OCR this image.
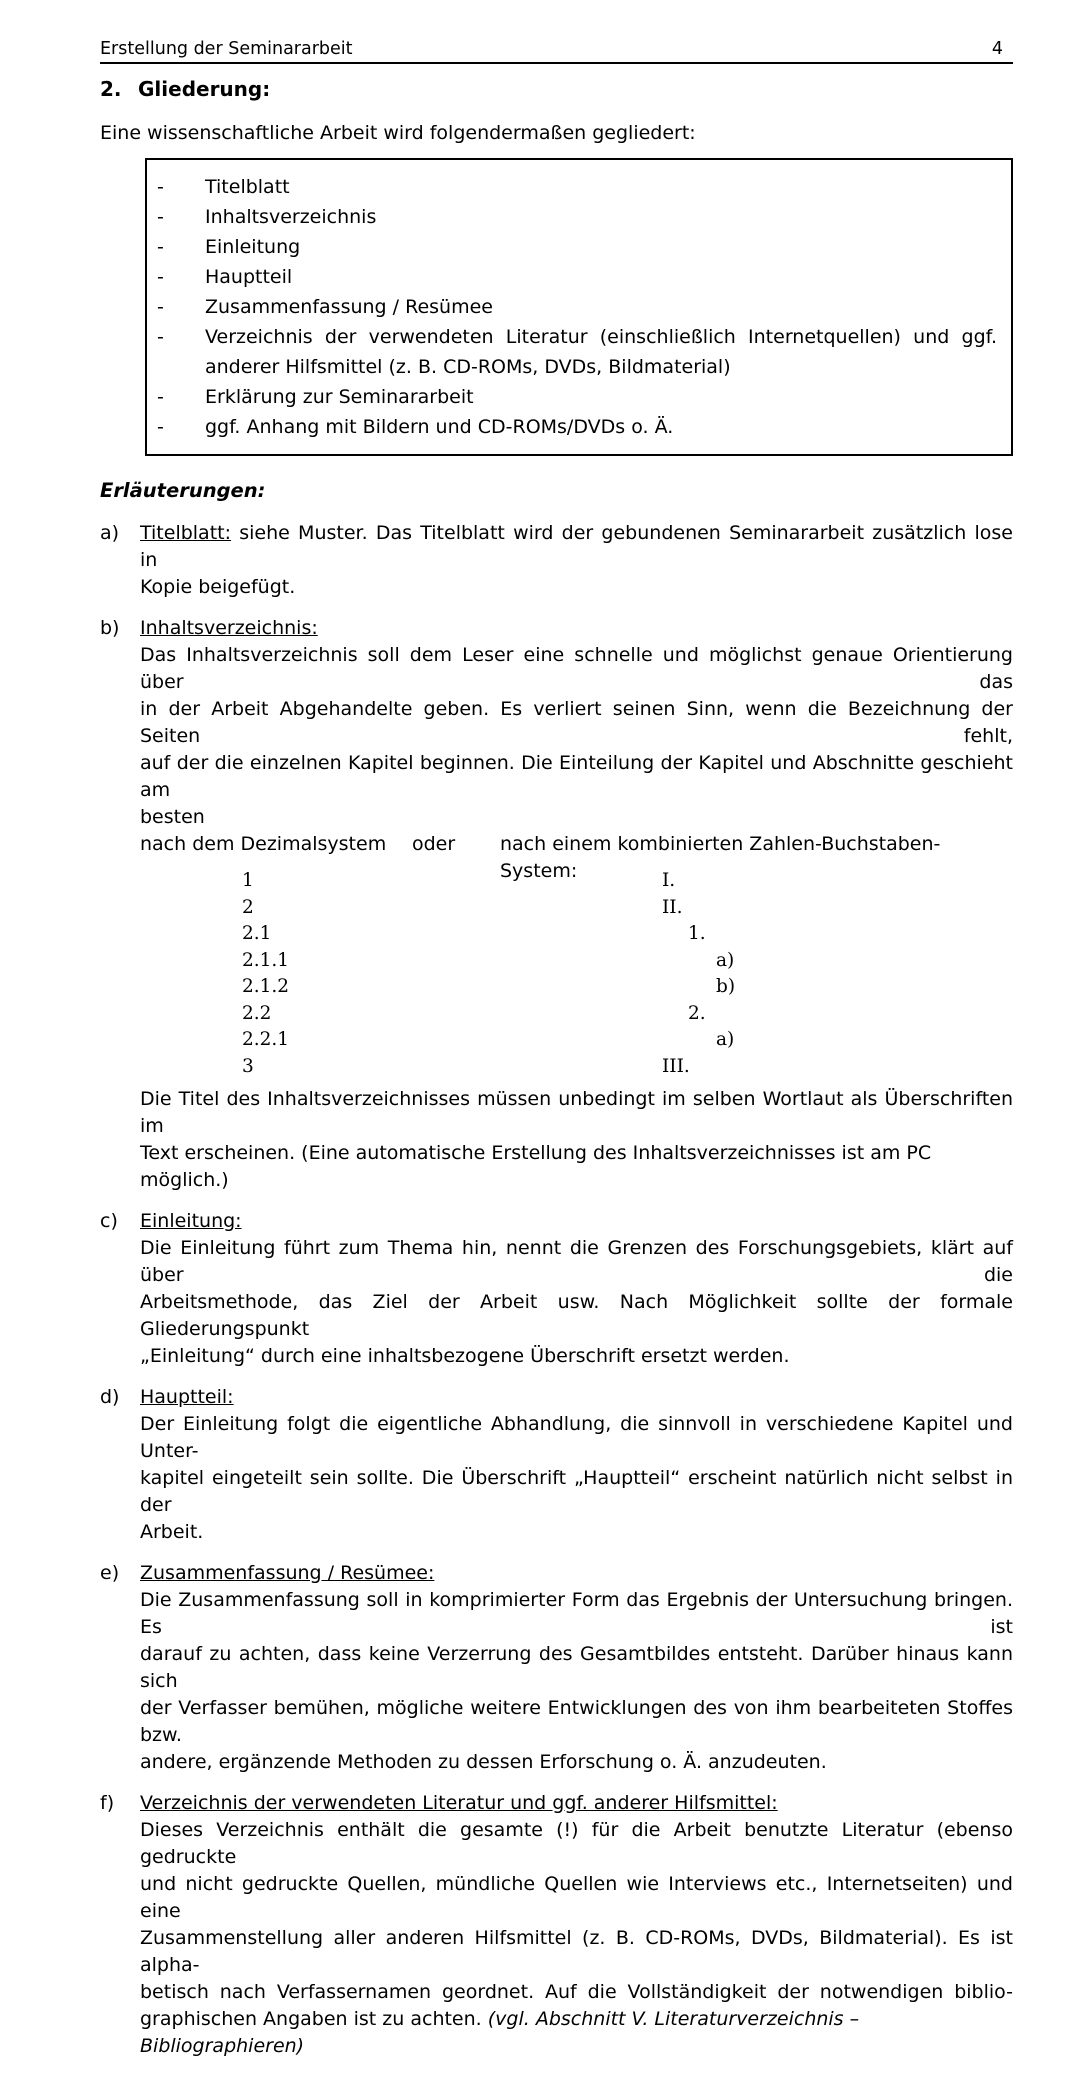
Erstellung der Seminararbeit	4
2. Gliederung:

Eine wissenschaftliche Arbeit wird folgendermaßen gegliedert:

-	Titelblatt
-	Inhaltsverzeichnis
-	Einleitung
-	Hauptteil
-	Zusammenfassung / Resümee
-	Verzeichnis der verwendeten Literatur (einschließlich Internetquellen) und ggf.
anderer Hilfsmittel (z. B. CD-ROMs, DVDs, Bildmaterial)
-	Erklärung zur Seminararbeit
-	ggf. Anhang mit Bildern und CD-ROMs/DVDs o. Ä.
Erläuterungen:
a)	Titelblatt: siehe Muster. Das Titelblatt wird der gebundenen Seminararbeit zusätzlich lose in
Kopie beigefügt.

b)	Inhaltsverzeichnis:

Das Inhaltsverzeichnis soll dem Leser eine schnelle und möglichst genaue Orientierung über das
in der Arbeit Abgehandelte geben. Es verliert seinen Sinn, wenn die Bezeichnung der Seiten fehlt,
auf der die einzelnen Kapitel beginnen. Die Einteilung der Kapitel und Abschnitte geschieht am
besten

nach dem Dezimalsystem oder nach einem kombinierten Zahlen-Buchstaben-System:
1
2
2.1
2.1.1
2.1.2
2.2
2.2.1
3
I.
II.
1.
a)
b)
2.
a)
III.

Die Titel des Inhaltsverzeichnisses müssen unbedingt im selben Wortlaut als Überschriften im
Text erscheinen. (Eine automatische Erstellung des Inhaltsverzeichnisses ist am PC möglich.)

c)	Einleitung:

Die Einleitung führt zum Thema hin, nennt die Grenzen des Forschungsgebiets, klärt auf über die
Arbeitsmethode, das Ziel der Arbeit usw. Nach Möglichkeit sollte der formale Gliederungspunkt
„Einleitung“ durch eine inhaltsbezogene Überschrift ersetzt werden.

d)	Hauptteil:

Der Einleitung folgt die eigentliche Abhandlung, die sinnvoll in verschiedene Kapitel und Unter-
kapitel eingeteilt sein sollte. Die Überschrift „Hauptteil“ erscheint natürlich nicht selbst in der
Arbeit.

e)	Zusammenfassung / Resümee:

Die Zusammenfassung soll in komprimierter Form das Ergebnis der Untersuchung bringen. Es ist
darauf zu achten, dass keine Verzerrung des Gesamtbildes entsteht. Darüber hinaus kann sich
der Verfasser bemühen, mögliche weitere Entwicklungen des von ihm bearbeiteten Stoffes bzw.
andere, ergänzende Methoden zu dessen Erforschung o. Ä. anzudeuten.

f)	Verzeichnis der verwendeten Literatur und ggf. anderer Hilfsmittel:

Dieses Verzeichnis enthält die gesamte (!) für die Arbeit benutzte Literatur (ebenso gedruckte
und nicht gedruckte Quellen, mündliche Quellen wie Interviews etc., Internetseiten) und eine
Zusammenstellung aller anderen Hilfsmittel (z. B. CD-ROMs, DVDs, Bildmaterial). Es ist alpha-
betisch nach Verfassernamen geordnet. Auf die Vollständigkeit der notwendigen biblio-
graphischen Angaben ist zu achten. (vgl. Abschnitt V. Literaturverzeichnis – Bibliographieren)
